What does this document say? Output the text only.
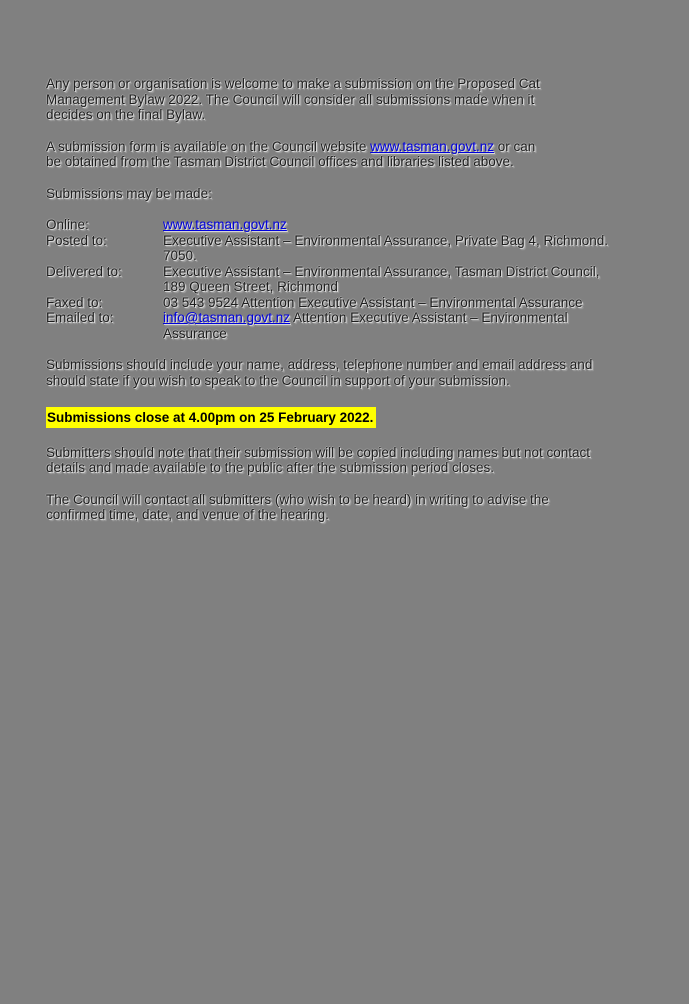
Any person or organisation is welcome to make a submission on the Proposed Cat
Management Bylaw 2022. The Council will consider all submissions made when it
decides on the final Bylaw.
A submission form is available on the Council website www.tasman.govt.nz or can
be obtained from the Tasman District Council offices and libraries listed above.
Submissions may be made:
Online:	www.tasman.govt.nz
Posted to:	Executive Assistant – Environmental Assurance, Private Bag 4, Richmond.
7050.
Delivered to:	Executive Assistant – Environmental Assurance, Tasman District Council,
189 Queen Street, Richmond
Faxed to:	03 543 9524 Attention Executive Assistant – Environmental Assurance
Emailed to:	info@tasman.govt.nz Attention Executive Assistant – Environmental
Assurance
Submissions should include your name, address, telephone number and email address and
should state if you wish to speak to the Council in support of your submission.
Submissions close at 4.00pm on 25 February 2022.
Submitters should note that their submission will be copied including names but not contact
details and made available to the public after the submission period closes.
The Council will contact all submitters (who wish to be heard) in writing to advise the
confirmed time, date, and venue of the hearing.
